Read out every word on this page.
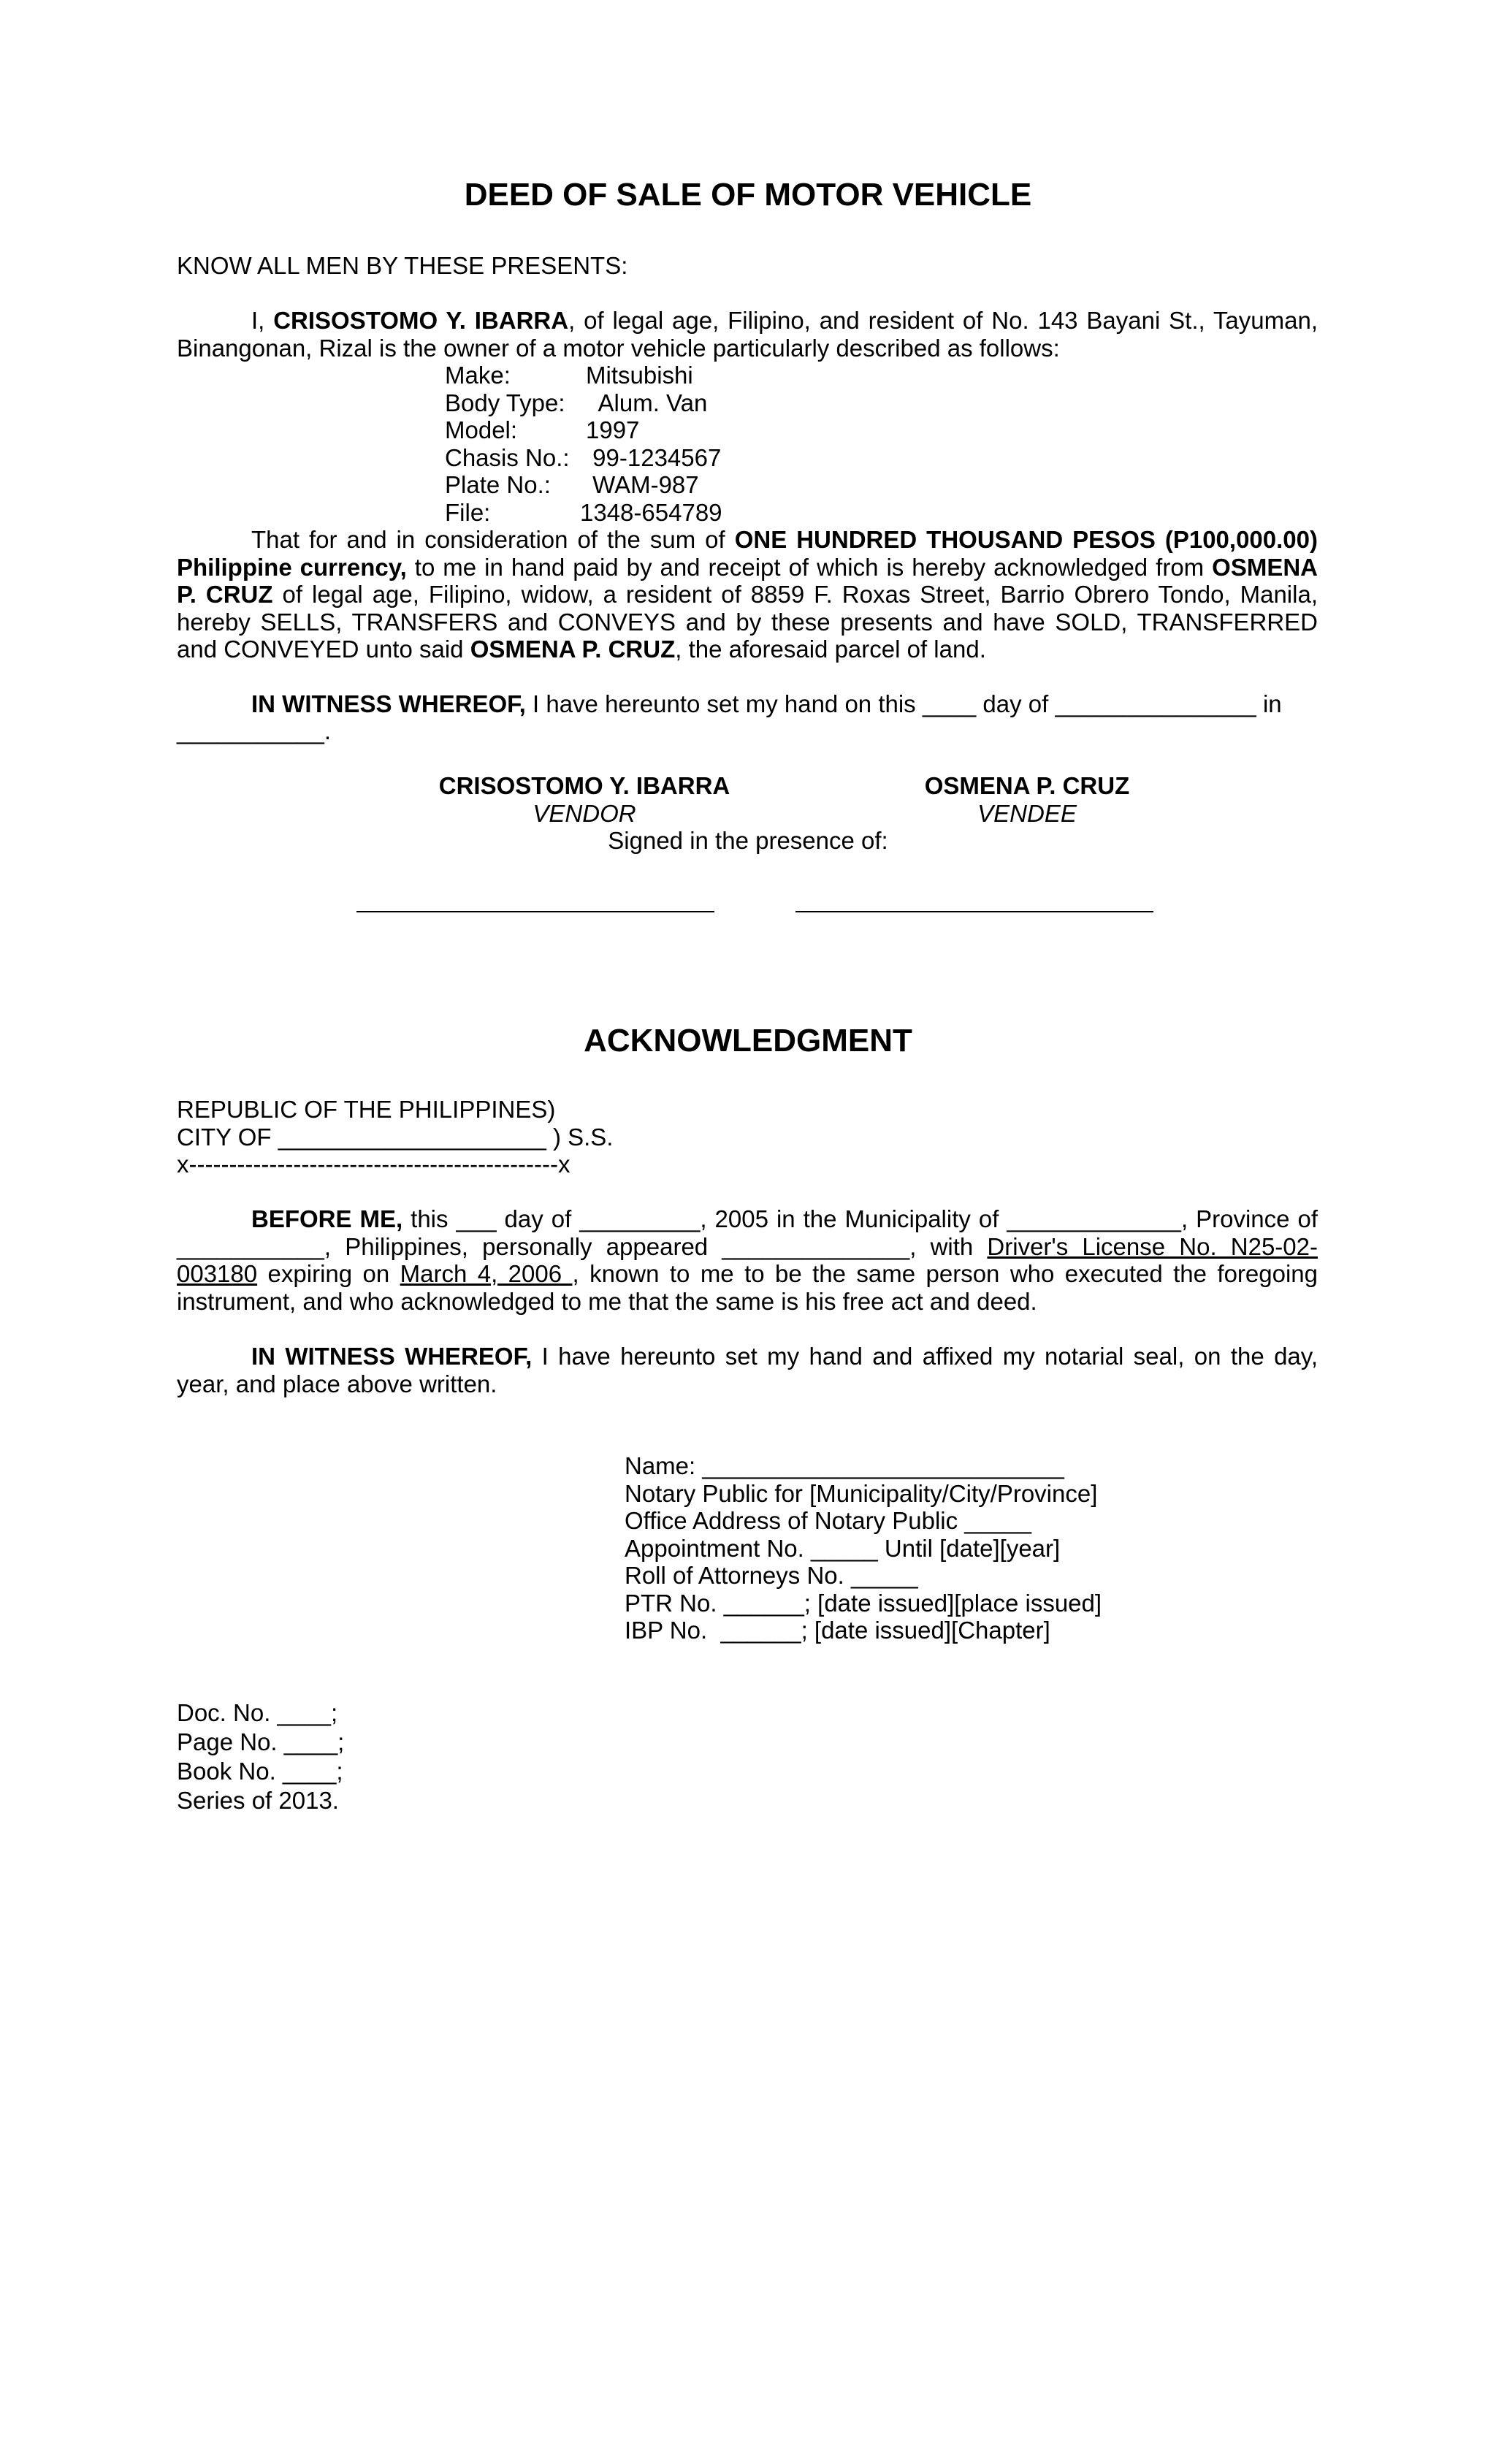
DEED OF SALE OF MOTOR VEHICLE

KNOW ALL MEN BY THESE PRESENTS:

I, CRISOSTOMO Y. IBARRA, of legal age, Filipino, and resident of No. 143 Bayani St., Tayuman, Binangonan, Rizal is the owner of a motor vehicle particularly described as follows:

Make:	Mitsubishi
Body Type: Alum. Van
Model:	1997
Chasis No.: 99-1234567
Plate No.:	WAM-987
File:	1348-654789

That for and in consideration of the sum of ONE HUNDRED THOUSAND PESOS (P100,000.00) Philippine currency, to me in hand paid by and receipt of which is hereby acknowledged from OSMENA P. CRUZ of legal age, Filipino, widow, a resident of 8859 F. Roxas Street, Barrio Obrero Tondo, Manila, hereby SELLS, TRANSFERS and CONVEYS and by these presents and have SOLD, TRANSFERRED and CONVEYED unto said OSMENA P. CRUZ, the aforesaid parcel of land.

IN WITNESS WHEREOF, I have hereunto set my hand on this ____ day of _______________ in

___________.

CRISOSTOMO Y. IBARRA
VENDOR
OSMENA P. CRUZ
VENDEE

Signed in the presence of:

ACKNOWLEDGMENT

REPUBLIC OF THE PHILIPPINES)

CITY OF ____________________ ) S.S.

x----------------------------------------------x

BEFORE ME, this ___ day of _________, 2005 in the Municipality of _____________, Province of ___________, Philippines, personally appeared ______________, with Driver's License No. N25-02-003180 expiring on March 4, 2006 , known to me to be the same person who executed the foregoing instrument, and who acknowledged to me that the same is his free act and deed.

IN WITNESS WHEREOF, I have hereunto set my hand and affixed my notarial seal, on the day, year, and place above written.

Name: ___________________________

Notary Public for [Municipality/City/Province]

Office Address of Notary Public _____

Appointment No. _____ Until [date][year]

Roll of Attorneys No. _____

PTR No. ______; [date issued][place issued]

IBP No.  ______; [date issued][Chapter]

Doc. No. ____;

Page No. ____;

Book No. ____;

Series of 2013.
